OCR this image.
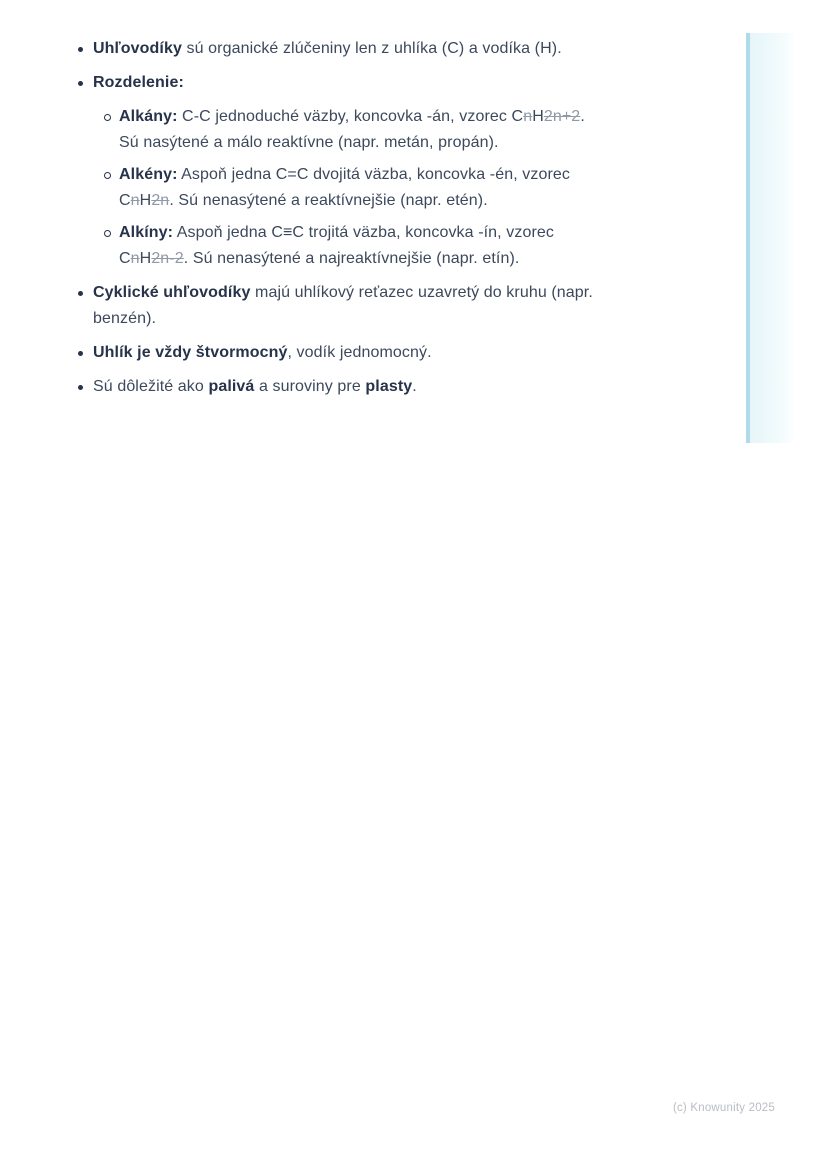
Uhľovodíky sú organické zlúčeniny len z uhlíka (C) a vodíka (H).
Rozdelenie:
Alkány: C-C jednoduché väzby, koncovka -án, vzorec CnH2n+2.
Sú nasýtené a málo reaktívne (napr. metán, propán).
Alkény: Aspoň jedna C=C dvojitá väzba, koncovka -én, vzorec
CnH2n. Sú nenasýtené a reaktívnejšie (napr. etén).
Alkíny: Aspoň jedna C≡C trojitá väzba, koncovka -ín, vzorec
CnH2n-2. Sú nenasýtené a najreaktívnejšie (napr. etín).
Cyklické uhľovodíky majú uhlíkový reťazec uzavretý do kruhu (napr.
benzén).
Uhlík je vždy štvormocný, vodík jednomocný.
Sú dôležité ako palivá a suroviny pre plasty.
(c) Knowunity 2025
